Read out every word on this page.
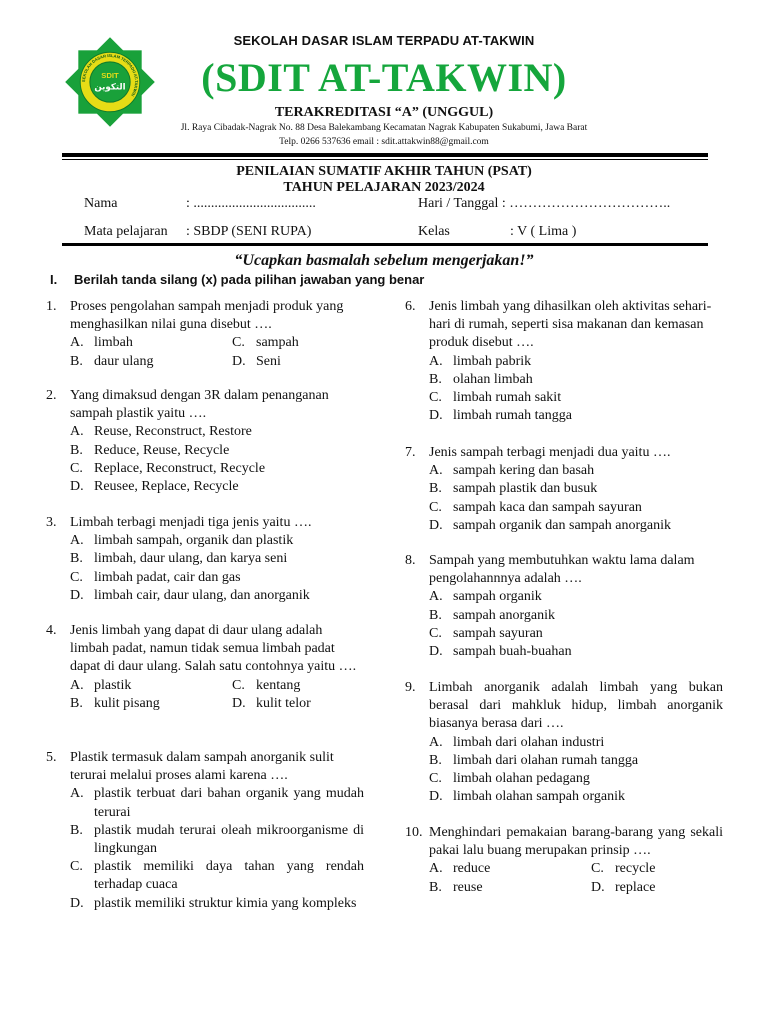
SEKOLAH DASAR ISLAM TERPADU AT-TAKWIN
SDIT
التكوين
SEKOLAH DASAR ISLAM TERPADU AT-TAKWIN
(SDIT AT-TAKWIN)
TERAKREDITASI “A” (UNGGUL)
Jl. Raya Cibadak-Nagrak No. 88 Desa Balekambang Kecamatan Nagrak Kabupaten Sukabumi, Jawa Barat
Telp. 0266 537636 email : sdit.attakwin88@gmail.com
PENILAIAN SUMATIF AKHIR TAHUN (PSAT)
TAHUN PELAJARAN 2023/2024
Nama	: ...................................	Hari / Tanggal : ……………………………..
Mata pelajaran : SBDP (SENI RUPA)	Kelas	: V ( Lima )
“Ucapkan basmalah sebelum mengerjakan!”
I. Berilah tanda silang (x) pada pilihan jawaban yang benar
1. Proses pengolahan sampah menjadi produk yang menghasilkan nilai guna disebut ….
A. limbah	C. sampah
B. daur ulang	D. Seni
2. Yang dimaksud dengan 3R dalam penanganan sampah plastik yaitu ….
A. Reuse, Reconstruct, Restore
B. Reduce, Reuse, Recycle
C. Replace, Reconstruct, Recycle
D. Reusee, Replace, Recycle
3. Limbah terbagi menjadi tiga jenis yaitu ….
A. limbah sampah, organik dan plastik
B. limbah, daur ulang, dan karya seni
C. limbah padat, cair dan gas
D. limbah cair, daur ulang, dan anorganik
4. Jenis limbah yang dapat di daur ulang adalah limbah padat, namun tidak semua limbah padat dapat di daur ulang. Salah satu contohnya yaitu ….
A. plastik	C. kentang
B. kulit pisang	D. kulit telor
5. Plastik termasuk dalam sampah anorganik sulit terurai melalui proses alami karena ….
A. plastik terbuat dari bahan organik yang mudah terurai
B. plastik mudah terurai oleah mikroorganisme di lingkungan
C. plastik memiliki daya tahan yang rendah terhadap cuaca
D. plastik memiliki struktur kimia yang kompleks
6. Jenis limbah yang dihasilkan oleh aktivitas sehari-hari di rumah, seperti sisa makanan dan kemasan produk disebut ….
A. limbah pabrik
B. olahan limbah
C. limbah rumah sakit
D. limbah rumah tangga
7. Jenis sampah terbagi menjadi dua yaitu ….
A. sampah kering dan basah
B. sampah plastik dan busuk
C. sampah kaca dan sampah sayuran
D. sampah organik dan sampah anorganik
8. Sampah yang membutuhkan waktu lama dalam pengolahannnya adalah ….
A. sampah organik
B. sampah anorganik
C. sampah sayuran
D. sampah buah-buahan
9. Limbah anorganik adalah limbah yang bukan berasal dari mahkluk hidup, limbah anorganik biasanya berasa dari ….
A. limbah dari olahan industri
B. limbah dari olahan rumah tangga
C. limbah olahan pedagang
D. limbah olahan sampah organik
10. Menghindari pemakaian barang-barang yang sekali pakai lalu buang merupakan prinsip ….
A. reduce	C. recycle
B. reuse	D. replace
